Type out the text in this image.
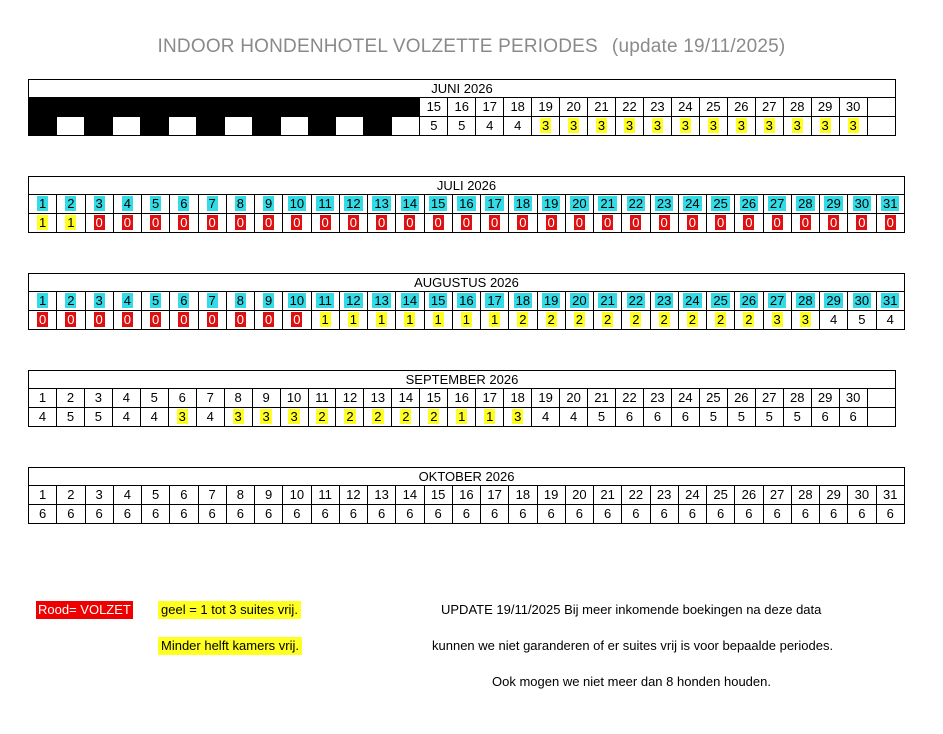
INDOOR HONDENHOTEL VOLZETTE PERIODES (update 19/11/2025)
JUNI 2026																														
														15	16	17	18	19	20	21	22	23	24	25	26	27	28	29	30	
														5	5	4	4	3	3	3	3	3	3	3	3	3	3	3	3	
JULI 2026																														
1	2	3	4	5	6	7	8	9	10	11	12	13	14	15	16	17	18	19	20	21	22	23	24	25	26	27	28	29	30	31
1	1	0	0	0	0	0	0	0	0	0	0	0	0	0	0	0	0	0	0	0	0	0	0	0	0	0	0	0	0	0
AUGUSTUS 2026																														
1	2	3	4	5	6	7	8	9	10	11	12	13	14	15	16	17	18	19	20	21	22	23	24	25	26	27	28	29	30	31
0	0	0	0	0	0	0	0	0	0	1	1	1	1	1	1	1	2	2	2	2	2	2	2	2	2	3	3	4	5	4
SEPTEMBER 2026																														
1	2	3	4	5	6	7	8	9	10	11	12	13	14	15	16	17	18	19	20	21	22	23	24	25	26	27	28	29	30	
4	5	5	4	4	3	4	3	3	3	2	2	2	2	2	1	1	3	4	4	5	6	6	6	5	5	5	5	6	6	
OKTOBER 2026																														
1	2	3	4	5	6	7	8	9	10	11	12	13	14	15	16	17	18	19	20	21	22	23	24	25	26	27	28	29	30	31
6	6	6	6	6	6	6	6	6	6	6	6	6	6	6	6	6	6	6	6	6	6	6	6	6	6	6	6	6	6	6
Rood= VOLZET geel = 1 tot 3 suites vrij.
Minder helft kamers vrij.
UPDATE 19/11/2025 Bij meer inkomende boekingen na deze data
kunnen we niet garanderen of er suites vrij is voor bepaalde periodes.
Ook mogen we niet meer dan 8 honden houden.
